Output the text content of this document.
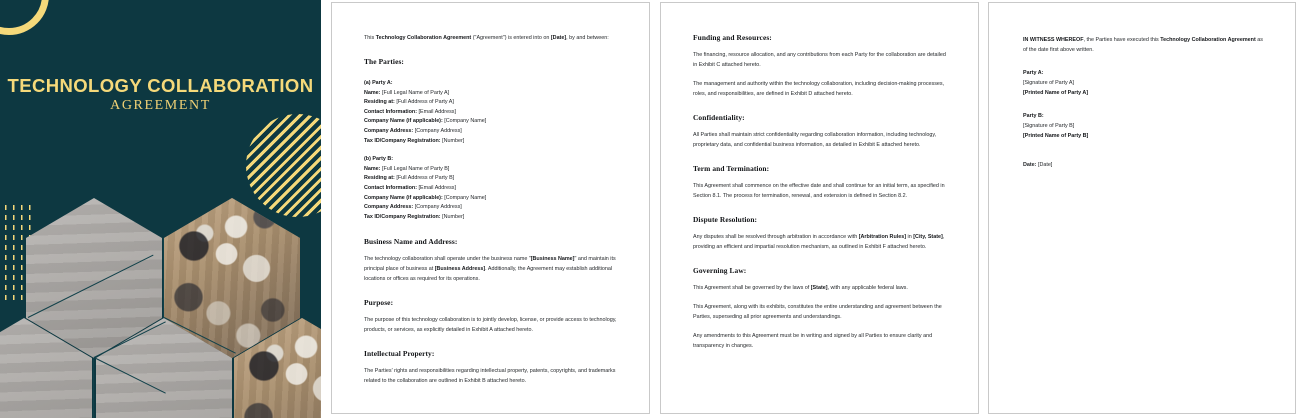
TECHNOLOGY COLLABORATION
AGREEMENT

This Technology Collaboration Agreement ("Agreement") is entered into on [Date], by and between:

The Parties:

(a) Party A:

Name: [Full Legal Name of Party A]

Residing at: [Full Address of Party A]

Contact Information: [Email Address]

Company Name (if applicable): [Company Name]

Company Address: [Company Address]

Tax ID/Company Registration: [Number]

(b) Party B:

Name: [Full Legal Name of Party B]

Residing at: [Full Address of Party B]

Contact Information: [Email Address]

Company Name (if applicable): [Company Name]

Company Address: [Company Address]

Tax ID/Company Registration: [Number]

Business Name and Address:

The technology collaboration shall operate under the business name "[Business Name]" and maintain its principal place of business at [Business Address]. Additionally, the Agreement may establish additional locations or offices as required for its operations.

Purpose:

The purpose of this technology collaboration is to jointly develop, license, or provide access to technology, products, or services, as explicitly detailed in Exhibit A attached hereto.

Intellectual Property:

The Parties' rights and responsibilities regarding intellectual property, patents, copyrights, and trademarks related to the collaboration are outlined in Exhibit B attached hereto.

Funding and Resources:

The financing, resource allocation, and any contributions from each Party for the collaboration are detailed in Exhibit C attached hereto.

The management and authority within the technology collaboration, including decision-making processes, roles, and responsibilities, are defined in Exhibit D attached hereto.

Confidentiality:

All Parties shall maintain strict confidentiality regarding collaboration information, including technology, proprietary data, and confidential business information, as detailed in Exhibit E attached hereto.

Term and Termination:

This Agreement shall commence on the effective date and shall continue for an initial term, as specified in Section 8.1. The process for termination, renewal, and extension is defined in Section 8.2.

Dispute Resolution:

Any disputes shall be resolved through arbitration in accordance with [Arbitration Rules] in [City, State], providing an efficient and impartial resolution mechanism, as outlined in Exhibit F attached hereto.

Governing Law:

This Agreement shall be governed by the laws of [State], with any applicable federal laws.

This Agreement, along with its exhibits, constitutes the entire understanding and agreement between the Parties, superseding all prior agreements and understandings.

Any amendments to this Agreement must be in writing and signed by all Parties to ensure clarity and transparency in changes.

IN WITNESS WHEREOF, the Parties have executed this Technology Collaboration Agreement as of the date first above written.

Party A:

[Signature of Party A]

[Printed Name of Party A]

Party B:

[Signature of Party B]

[Printed Name of Party B]

Date: [Date]
